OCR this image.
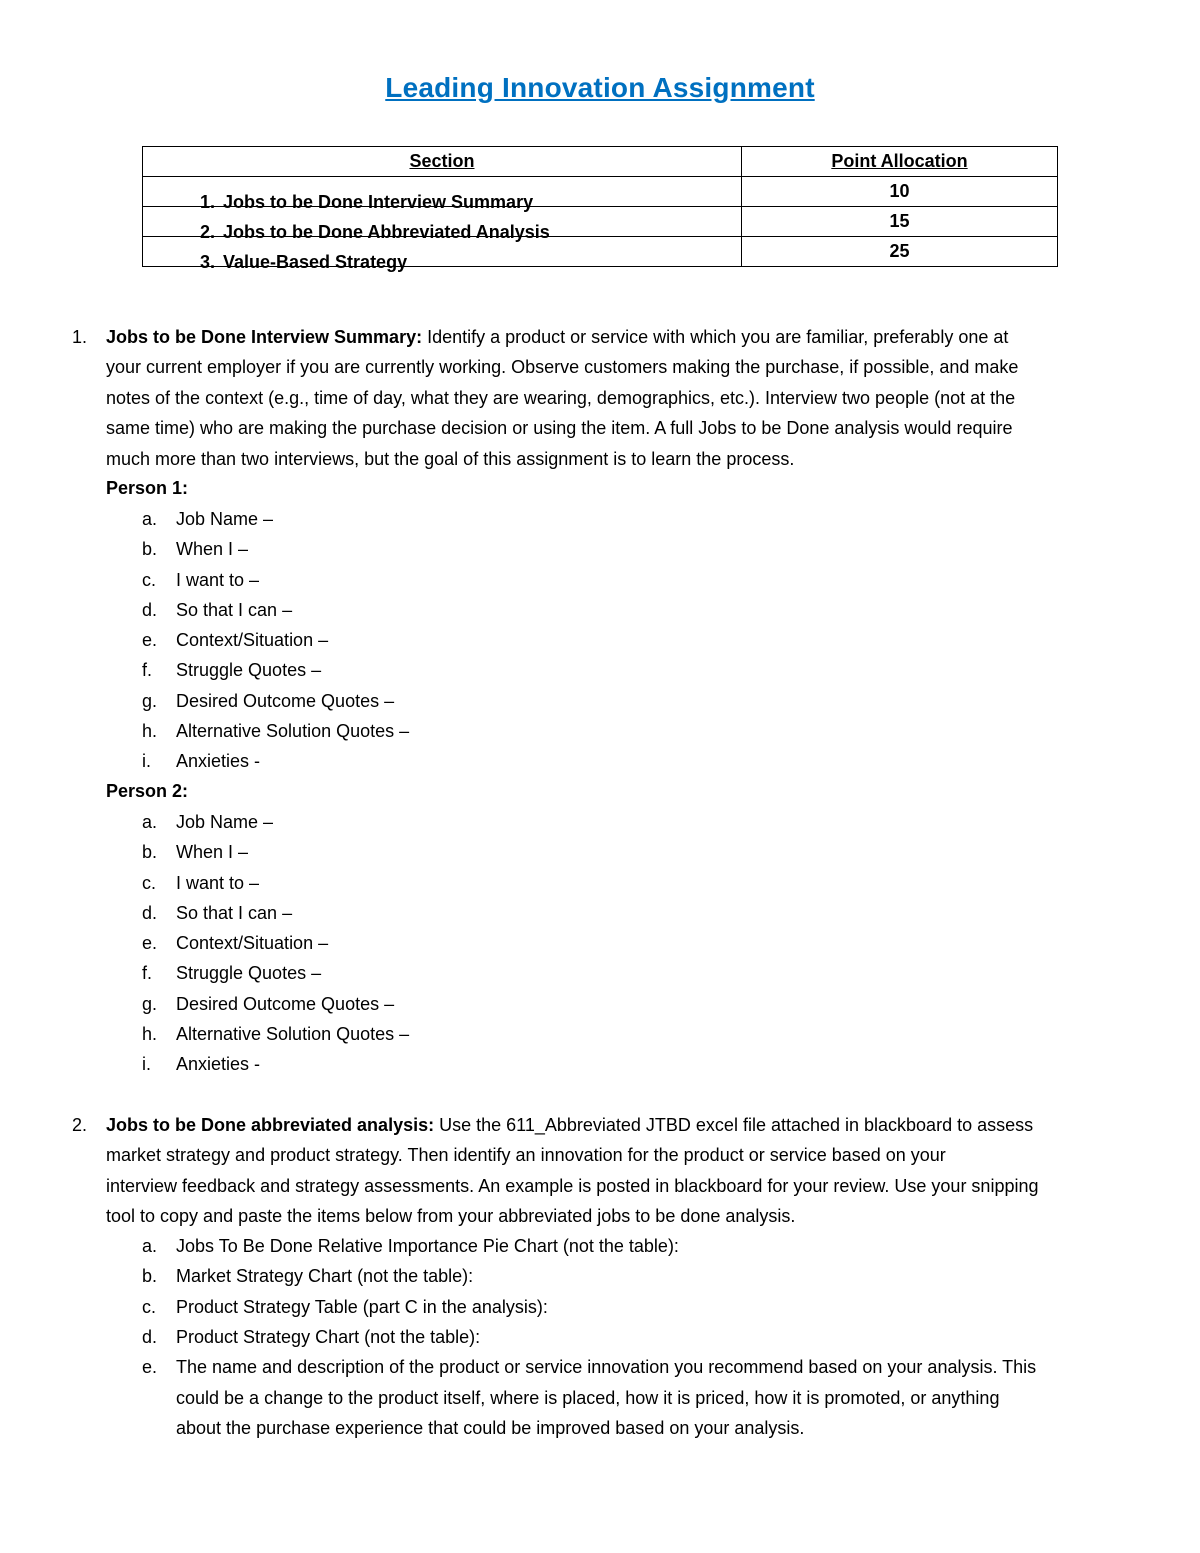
Leading Innovation Assignment
Section	Point Allocation

1. Jobs to be Done Interview Summary	10

2. Jobs to be Done Abbreviated Analysis	15

3. Value-Based Strategy	25
1. Jobs to be Done Interview Summary: Identify a product or service with which you are familiar, preferably one at
your current employer if you are currently working. Observe customers making the purchase, if possible, and make
notes of the context (e.g., time of day, what they are wearing, demographics, etc.). Interview two people (not at the
same time) who are making the purchase decision or using the item. A full Jobs to be Done analysis would require
much more than two interviews, but the goal of this assignment is to learn the process.
Person 1:
a. Job Name –
b. When I –
c. I want to –
d. So that I can –
e. Context/Situation –
f. Struggle Quotes –
g. Desired Outcome Quotes –
h. Alternative Solution Quotes –
i. Anxieties -
Person 2:
a. Job Name –
b. When I –
c. I want to –
d. So that I can –
e. Context/Situation –
f. Struggle Quotes –
g. Desired Outcome Quotes –
h. Alternative Solution Quotes –
i. Anxieties -
2. Jobs to be Done abbreviated analysis: Use the 611_Abbreviated JTBD excel file attached in blackboard to assess
market strategy and product strategy. Then identify an innovation for the product or service based on your
interview feedback and strategy assessments. An example is posted in blackboard for your review. Use your snipping
tool to copy and paste the items below from your abbreviated jobs to be done analysis.
a. Jobs To Be Done Relative Importance Pie Chart (not the table):
b. Market Strategy Chart (not the table):
c. Product Strategy Table (part C in the analysis):
d. Product Strategy Chart (not the table):
e. The name and description of the product or service innovation you recommend based on your analysis. This
could be a change to the product itself, where is placed, how it is priced, how it is promoted, or anything
about the purchase experience that could be improved based on your analysis.
